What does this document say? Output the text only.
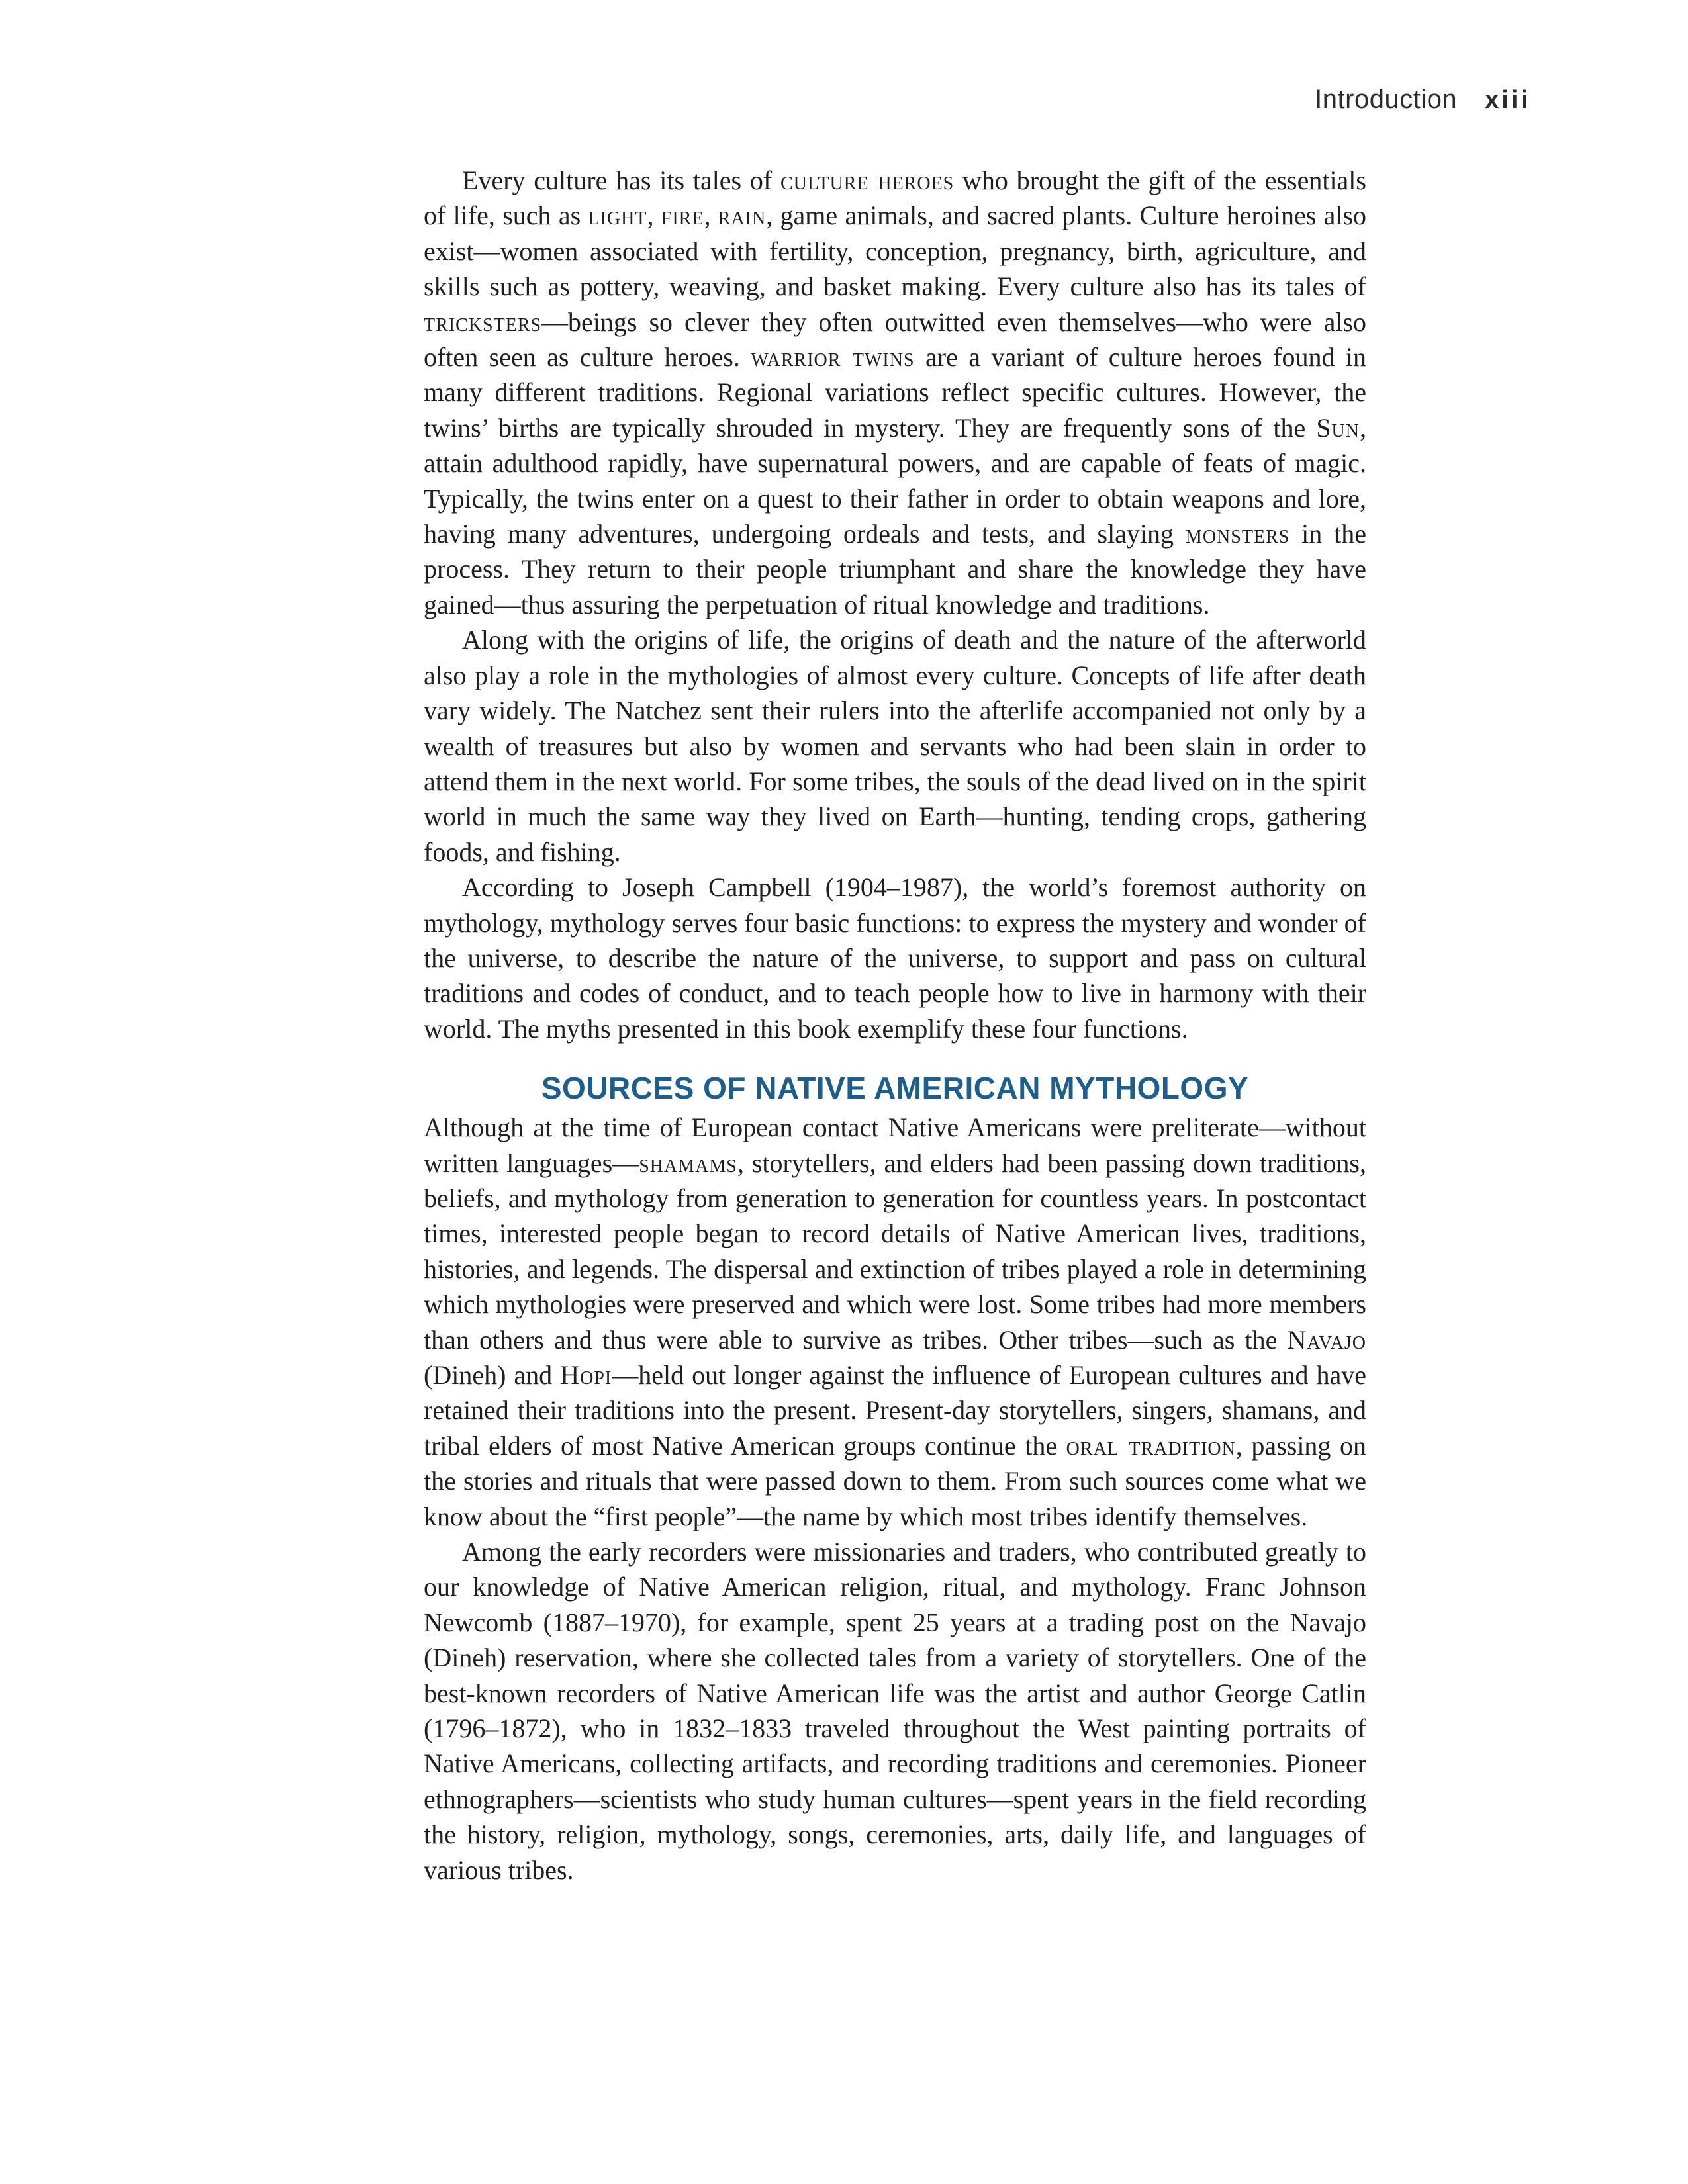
Introduction xiii

Every culture has its tales of culture heroes who brought the gift of the essentials of life, such as light, fire, rain, game animals, and sacred plants. Culture heroines also exist—women associated with fertility, conception, pregnancy, birth, agriculture, and skills such as pottery, weaving, and basket making. Every culture also has its tales of tricksters—beings so clever they often outwitted even themselves—who were also often seen as culture heroes. warrior twins are a variant of culture heroes found in many different traditions. Regional variations reflect specific cultures. However, the twins’ births are typically shrouded in mystery. They are frequently sons of the Sun, attain adulthood rapidly, have supernatural powers, and are capable of feats of magic. Typically, the twins enter on a quest to their father in order to obtain weapons and lore, having many adventures, undergoing ordeals and tests, and slaying monsters in the process. They return to their people triumphant and share the knowledge they have gained—thus assuring the perpetuation of ritual knowledge and traditions.

Along with the origins of life, the origins of death and the nature of the afterworld also play a role in the mythologies of almost every culture. Concepts of life after death vary widely. The Natchez sent their rulers into the afterlife accompanied not only by a wealth of treasures but also by women and servants who had been slain in order to attend them in the next world. For some tribes, the souls of the dead lived on in the spirit world in much the same way they lived on Earth—hunting, tending crops, gathering foods, and fishing.

According to Joseph Campbell (1904–1987), the world’s foremost authority on mythology, mythology serves four basic functions: to express the mystery and wonder of the universe, to describe the nature of the universe, to support and pass on cultural traditions and codes of conduct, and to teach people how to live in harmony with their world. The myths presented in this book exemplify these four functions.

SOURCES OF NATIVE AMERICAN MYTHOLOGY

Although at the time of European contact Native Americans were preliterate—without written languages—shamams, storytellers, and elders had been passing down traditions, beliefs, and mythology from generation to generation for countless years. In postcontact times, interested people began to record details of Native American lives, traditions, histories, and legends. The dispersal and extinction of tribes played a role in determining which mythologies were preserved and which were lost. Some tribes had more members than others and thus were able to survive as tribes. Other tribes—such as the Navajo (Dineh) and Hopi—held out longer against the influence of European cultures and have retained their traditions into the present. Present-day storytellers, singers, shamans, and tribal elders of most Native American groups continue the oral tradition, passing on the stories and rituals that were passed down to them. From such sources come what we know about the “first people”—the name by which most tribes identify themselves.

Among the early recorders were missionaries and traders, who contributed greatly to our knowledge of Native American religion, ritual, and mythology. Franc Johnson Newcomb (1887–1970), for example, spent 25 years at a trading post on the Navajo (Dineh) reservation, where she collected tales from a variety of storytellers. One of the best-known recorders of Native American life was the artist and author George Catlin (1796–1872), who in 1832–1833 traveled throughout the West painting portraits of Native Americans, collecting artifacts, and recording traditions and ceremonies. Pioneer ethnographers—scientists who study human cultures—spent years in the field recording the history, religion, mythology, songs, ceremonies, arts, daily life, and languages of various tribes.
